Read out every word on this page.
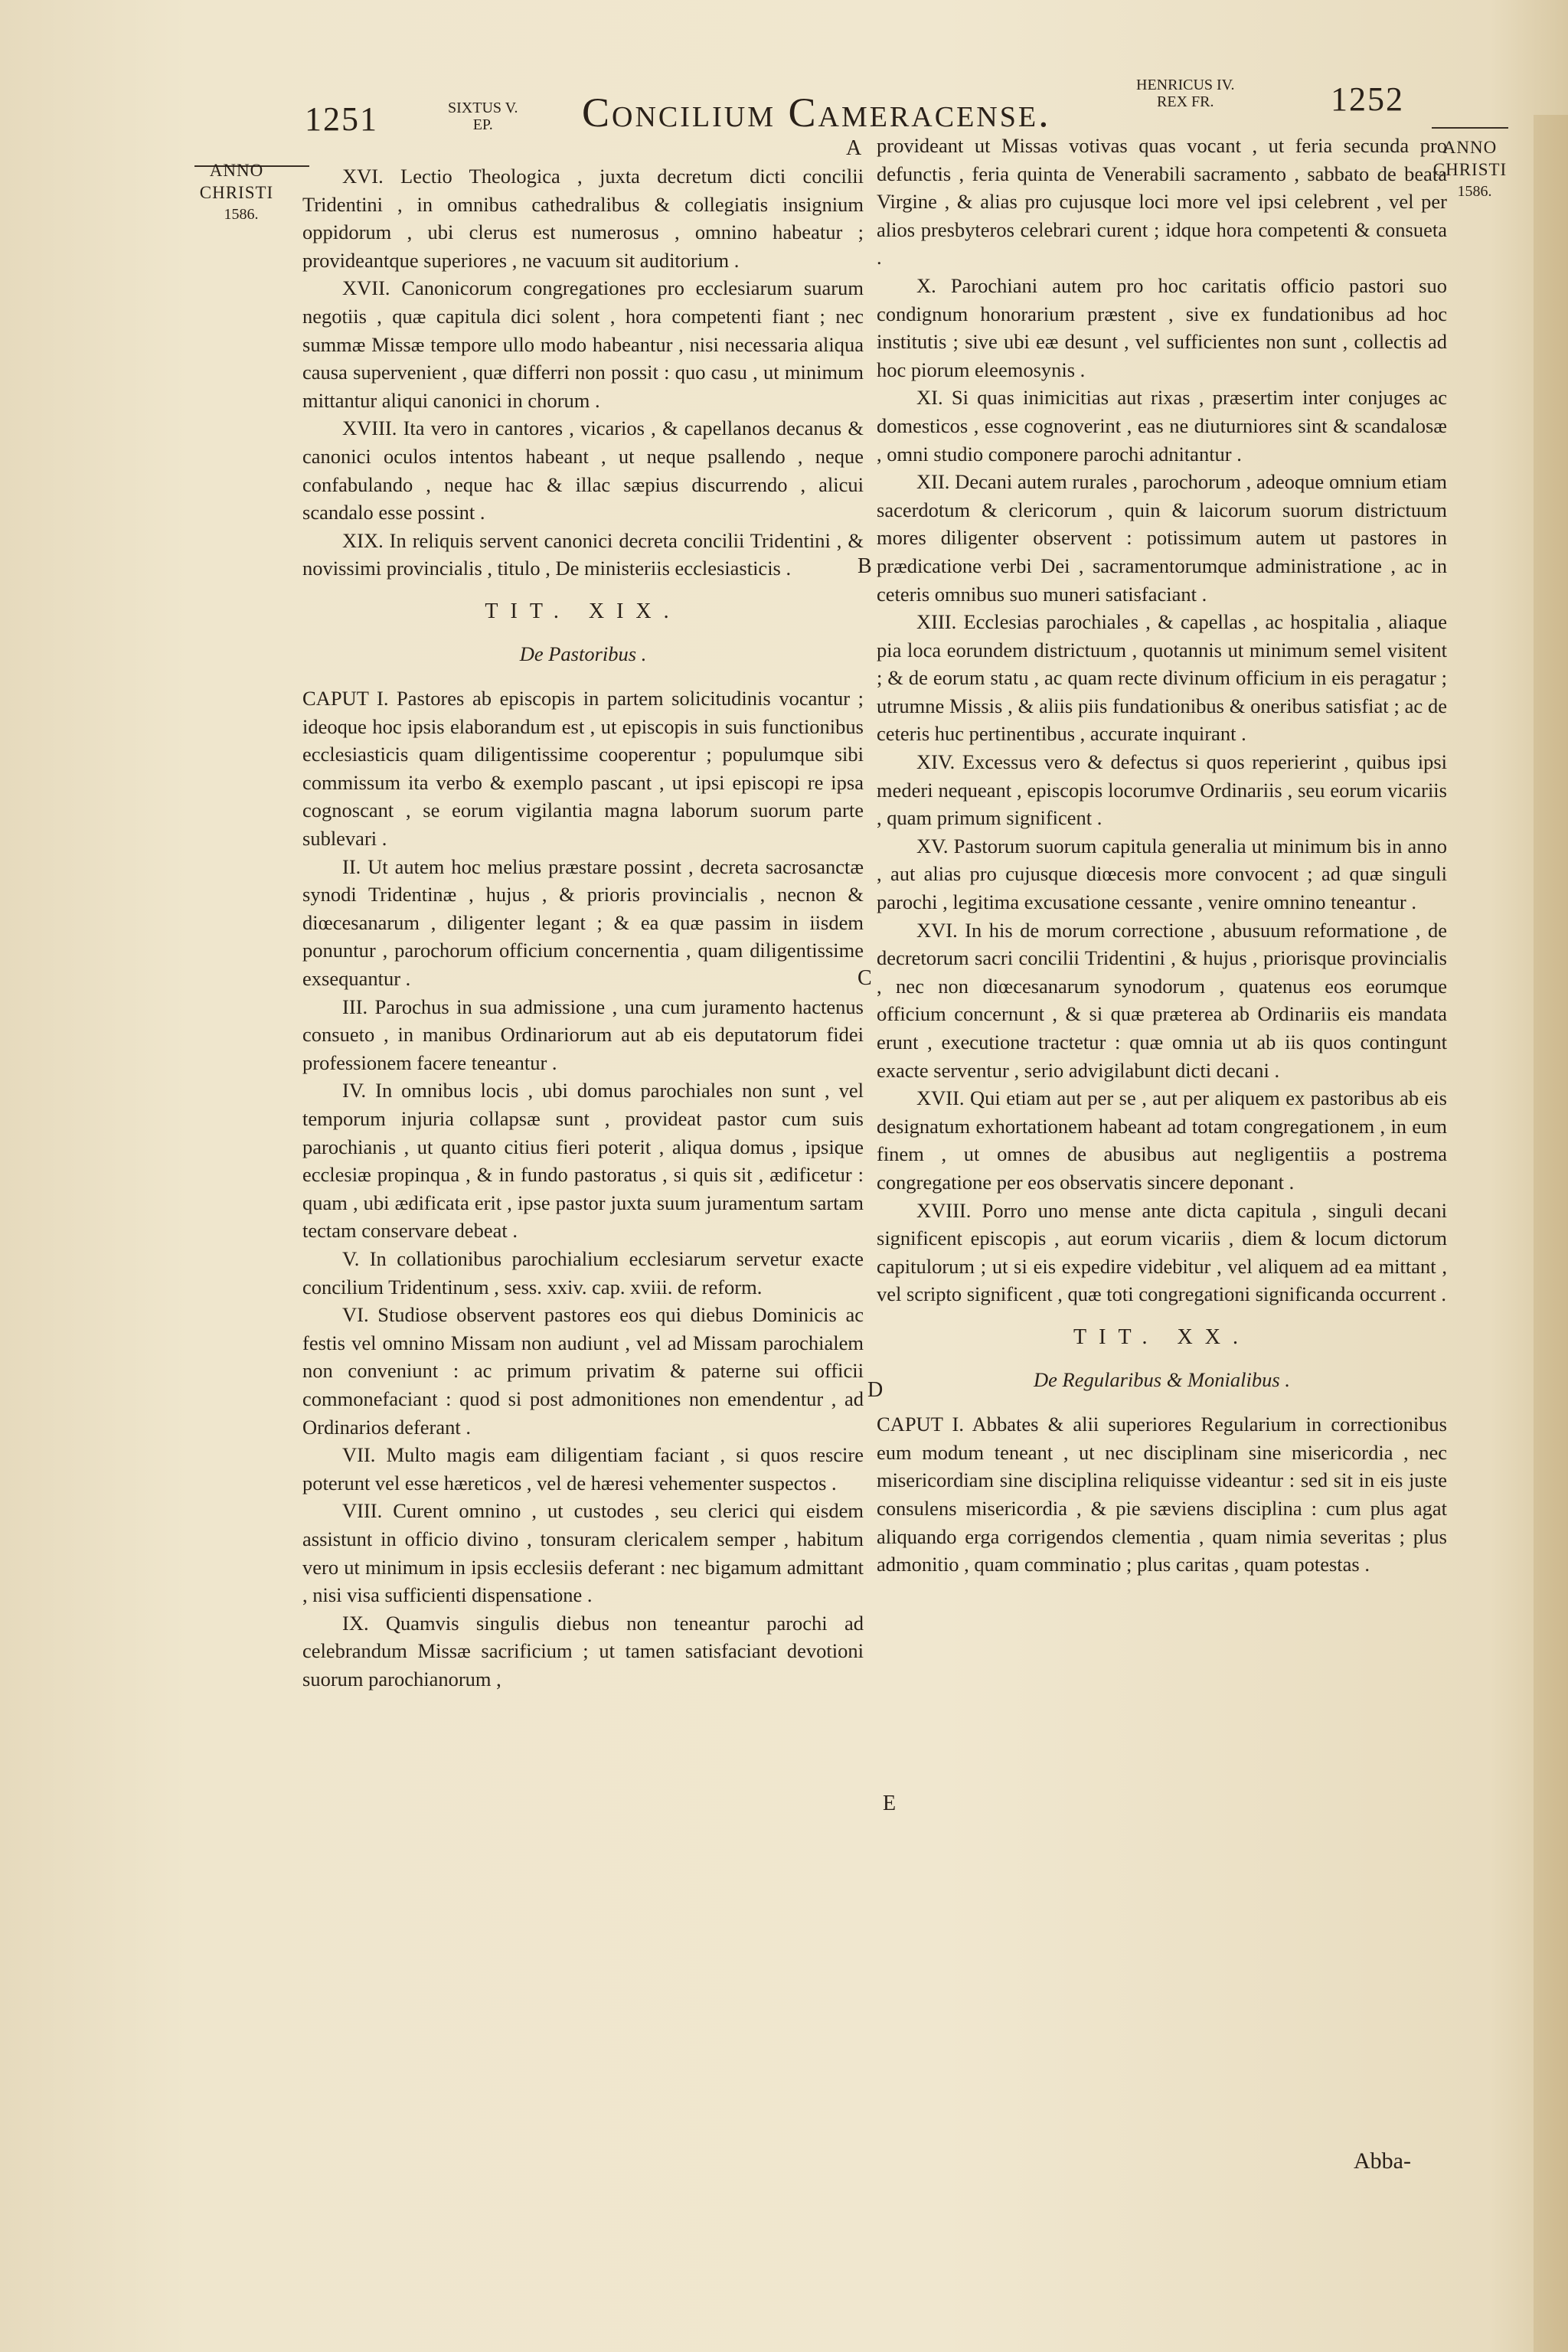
1251	SIXTUS V.
EP.	Concilium Cameracense.
HENRICUS IV.
REX FR.	1252
ANNO
CHRISTI
1586.
ANNO
CHRISTI
1586.
A
B
C
D
E

XVI. Lectio Theologica , juxta decretum dicti concilii Tridentini , in omnibus cathedralibus & collegiatis insignium oppidorum , ubi clerus est numerosus , omnino habeatur ; provideantque superiores , ne vacuum sit auditorium .

XVII. Canonicorum congregationes pro ecclesiarum suarum negotiis , quæ capitula dici solent , hora competenti fiant ; nec summæ Missæ tempore ullo modo habeantur , nisi necessaria aliqua causa supervenient , quæ differri non possit : quo casu , ut minimum mittantur aliqui canonici in chorum .

XVIII. Ita vero in cantores , vicarios , & capellanos decanus & canonici oculos intentos habeant , ut neque psallendo , neque confabulando , neque hac & illac sæpius discurrendo , alicui scandalo esse possint .

XIX. In reliquis servent canonici decreta concilii Tridentini , & novissimi provincialis , titulo , De ministeriis ecclesiasticis .

TIT. XIX.
De Pastoribus .

CAPUT I. Pastores ab episcopis in partem solicitudinis vocantur ; ideoque hoc ipsis elaborandum est , ut episcopis in suis functionibus ecclesiasticis quam diligentissime cooperentur ; populumque sibi commissum ita verbo & exemplo pascant , ut ipsi episcopi re ipsa cognoscant , se eorum vigilantia magna laborum suorum parte sublevari .

II. Ut autem hoc melius præstare possint , decreta sacrosanctæ synodi Tridentinæ , hujus , & prioris provincialis , necnon & diœcesanarum , diligenter legant ; & ea quæ passim in iisdem ponuntur , parochorum officium concernentia , quam diligentissime exsequantur .

III. Parochus in sua admissione , una cum juramento hactenus consueto , in manibus Ordinariorum aut ab eis deputatorum fidei professionem facere teneantur .

IV. In omnibus locis , ubi domus parochiales non sunt , vel temporum injuria collapsæ sunt , provideat pastor cum suis parochianis , ut quanto citius fieri poterit , aliqua domus , ipsique ecclesiæ propinqua , & in fundo pastoratus , si quis sit , ædificetur : quam , ubi ædificata erit , ipse pastor juxta suum juramentum sartam tectam conservare debeat .

V. In collationibus parochialium ecclesiarum servetur exacte concilium Tridentinum , sess. xxiv. cap. xviii. de reform.

VI. Studiose observent pastores eos qui diebus Dominicis ac festis vel omnino Missam non audiunt , vel ad Missam parochialem non conveniunt : ac primum privatim & paterne sui officii commonefaciant : quod si post admonitiones non emendentur , ad Ordinarios deferant .

VII. Multo magis eam diligentiam faciant , si quos rescire poterunt vel esse hæreticos , vel de hæresi vehementer suspectos .

VIII. Curent omnino , ut custodes , seu clerici qui eisdem assistunt in officio divino , tonsuram clericalem semper , habitum vero ut minimum in ipsis ecclesiis deferant : nec bigamum admittant , nisi visa sufficienti dispensatione .

IX. Quamvis singulis diebus non teneantur parochi ad celebrandum Missæ sacrificium ; ut tamen satisfaciant devotioni suorum parochianorum ,

provideant ut Missas votivas quas vocant , ut feria secunda pro defunctis , feria quinta de Venerabili sacramento , sabbato de beata Virgine , & alias pro cujusque loci more vel ipsi celebrent , vel per alios presbyteros celebrari curent ; idque hora competenti & consueta .

X. Parochiani autem pro hoc caritatis officio pastori suo condignum honorarium præstent , sive ex fundationibus ad hoc institutis ; sive ubi eæ desunt , vel sufficientes non sunt , collectis ad hoc piorum eleemosynis .

XI. Si quas inimicitias aut rixas , præsertim inter conjuges ac domesticos , esse cognoverint , eas ne diuturniores sint & scandalosæ , omni studio componere parochi adnitantur .

XII. Decani autem rurales , parochorum , adeoque omnium etiam sacerdotum & clericorum , quin & laicorum suorum districtuum mores diligenter observent : potissimum autem ut pastores in prædicatione verbi Dei , sacramentorumque administratione , ac in ceteris omnibus suo muneri satisfaciant .

XIII. Ecclesias parochiales , & capellas , ac hospitalia , aliaque pia loca eorundem districtuum , quotannis ut minimum semel visitent ; & de eorum statu , ac quam recte divinum officium in eis peragatur ; utrumne Missis , & aliis piis fundationibus & oneribus satisfiat ; ac de ceteris huc pertinentibus , accurate inquirant .

XIV. Excessus vero & defectus si quos reperierint , quibus ipsi mederi nequeant , episcopis locorumve Ordinariis , seu eorum vicariis , quam primum significent .

XV. Pastorum suorum capitula generalia ut minimum bis in anno , aut alias pro cujusque diœcesis more convocent ; ad quæ singuli parochi , legitima excusatione cessante , venire omnino teneantur .

XVI. In his de morum correctione , abusuum reformatione , de decretorum sacri concilii Tridentini , & hujus , priorisque provincialis , nec non diœcesanarum synodorum , quatenus eos eorumque officium concernunt , & si quæ præterea ab Ordinariis eis mandata erunt , executione tractetur : quæ omnia ut ab iis quos contingunt exacte serventur , serio advigilabunt dicti decani .

XVII. Qui etiam aut per se , aut per aliquem ex pastoribus ab eis designatum exhortationem habeant ad totam congregationem , in eum finem , ut omnes de abusibus aut negligentiis a postrema congregatione per eos observatis sincere deponant .

XVIII. Porro uno mense ante dicta capitula , singuli decani significent episcopis , aut eorum vicariis , diem & locum dictorum capitulorum ; ut si eis expedire videbitur , vel aliquem ad ea mittant , vel scripto significent , quæ toti congregationi significanda occurrent .

TIT. XX.
De Regularibus & Monialibus .

CAPUT I. Abbates & alii superiores Regularium in correctionibus eum modum teneant , ut nec disciplinam sine misericordia , nec misericordiam sine disciplina reliquisse videantur : sed sit in eis juste consulens misericordia , & pie sæviens disciplina : cum plus agat aliquando erga corrigendos clementia , quam nimia severitas ; plus admonitio , quam comminatio ; plus caritas , quam potestas .

Abba-
